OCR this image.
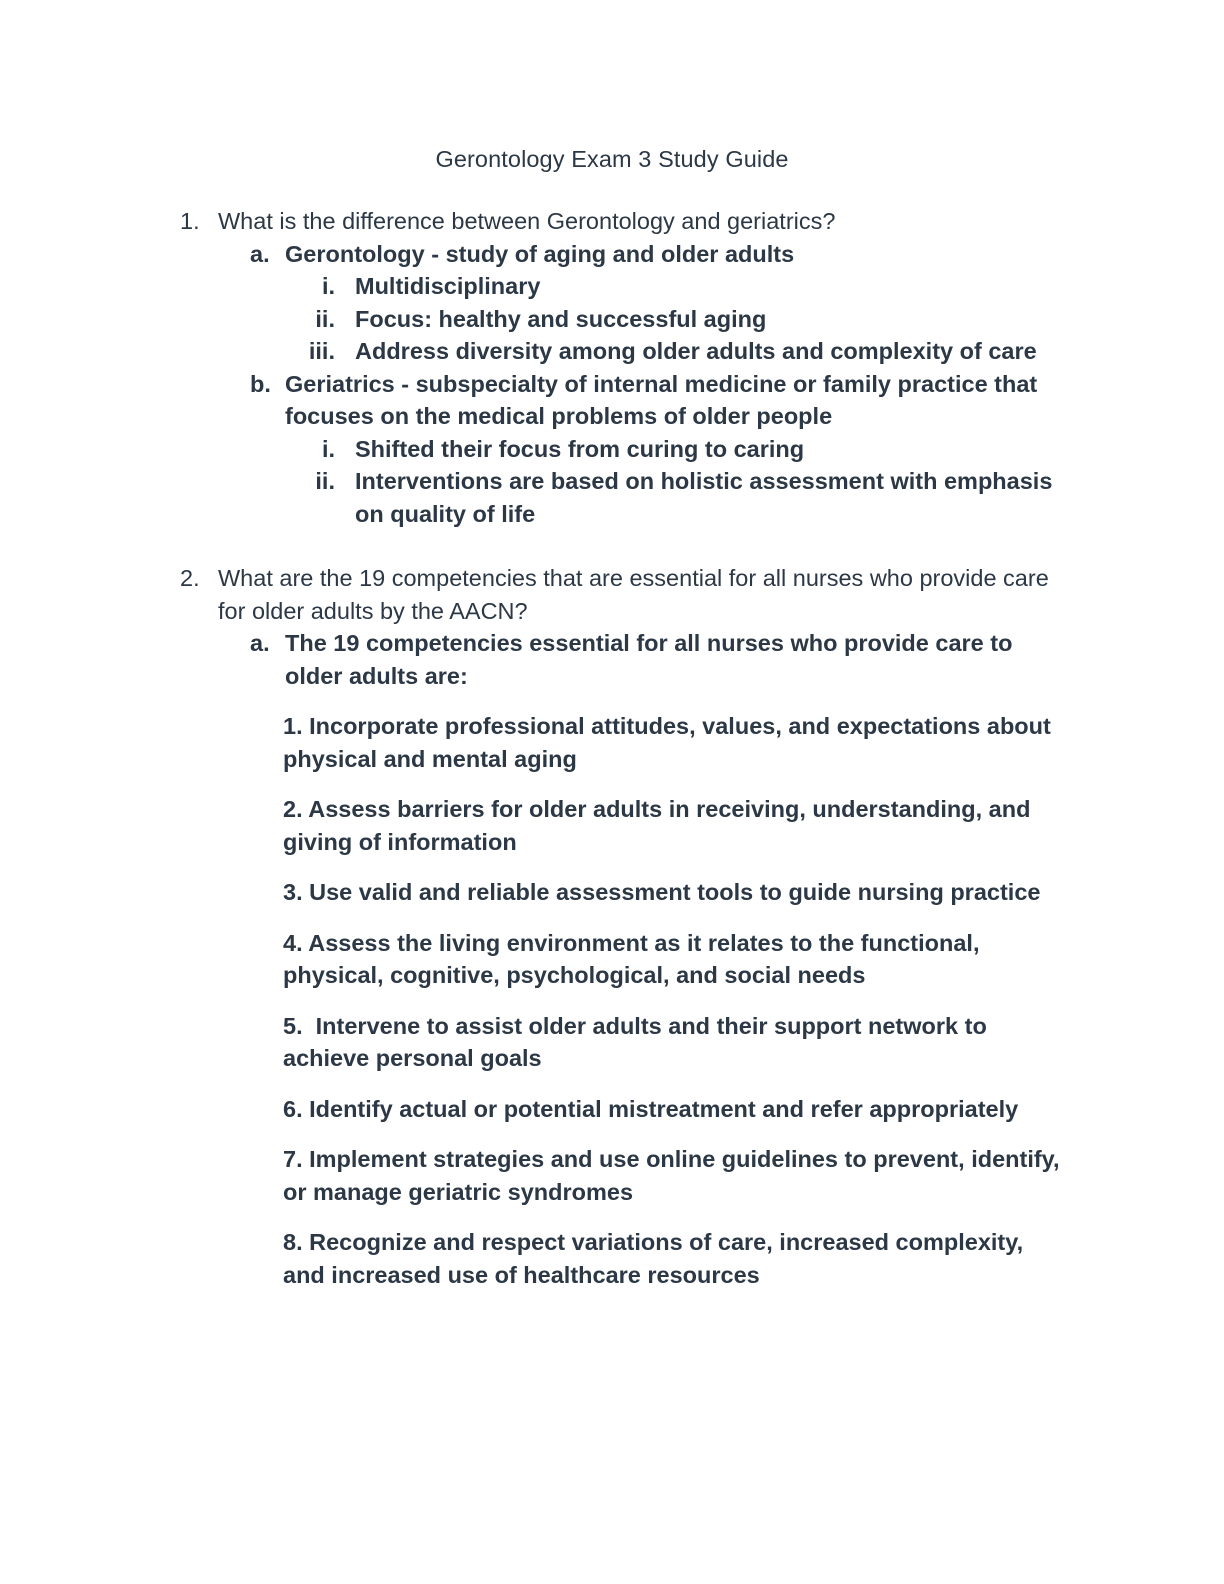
Gerontology Exam 3 Study Guide
1. What is the difference between Gerontology and geriatrics?
a. Gerontology - study of aging and older adults
i. Multidisciplinary
ii. Focus: healthy and successful aging
iii. Address diversity among older adults and complexity of care
b. Geriatrics - subspecialty of internal medicine or family practice that focuses on the medical problems of older people
i. Shifted their focus from curing to caring
ii. Interventions are based on holistic assessment with emphasis on quality of life
2. What are the 19 competencies that are essential for all nurses who provide care for older adults by the AACN?
a. The 19 competencies essential for all nurses who provide care to older adults are:
1. Incorporate professional attitudes, values, and expectations about physical and mental aging
2. Assess barriers for older adults in receiving, understanding, and giving of information
3. Use valid and reliable assessment tools to guide nursing practice
4. Assess the living environment as it relates to the functional, physical, cognitive, psychological, and social needs
5.  Intervene to assist older adults and their support network to achieve personal goals
6. Identify actual or potential mistreatment and refer appropriately
7. Implement strategies and use online guidelines to prevent, identify, or manage geriatric syndromes
8. Recognize and respect variations of care, increased complexity, and increased use of healthcare resources
